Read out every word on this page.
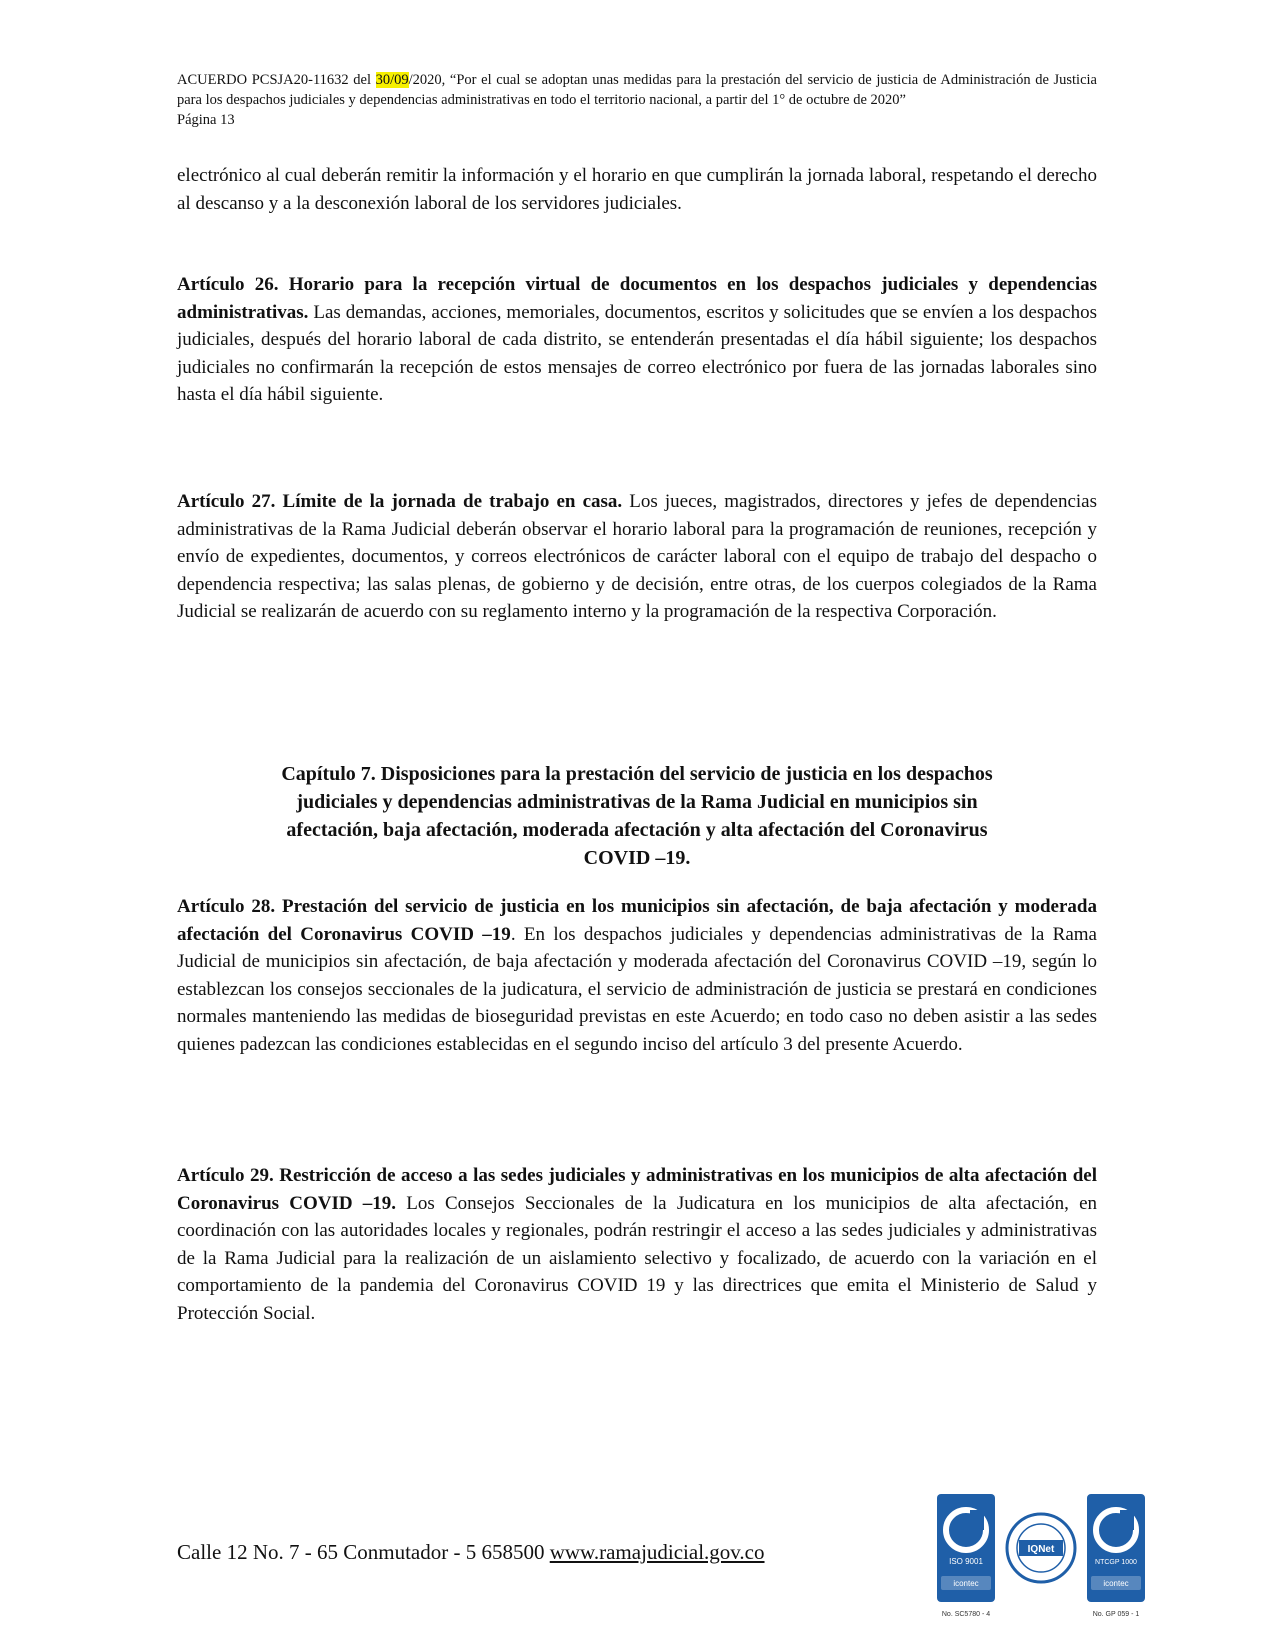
ACUERDO PCSJA20-11632 del 30/09/2020, “Por el cual se adoptan unas medidas para la prestación del servicio de justicia de Administración de Justicia para los despachos judiciales y dependencias administrativas en todo el territorio nacional, a partir del 1° de octubre de 2020”
Página 13
electrónico al cual deberán remitir la información y el horario en que cumplirán la jornada laboral, respetando el derecho al descanso y a la desconexión laboral de los servidores judiciales.
Artículo 26. Horario para la recepción virtual de documentos en los despachos judiciales y dependencias administrativas. Las demandas, acciones, memoriales, documentos, escritos y solicitudes que se envíen a los despachos judiciales, después del horario laboral de cada distrito, se entenderán presentadas el día hábil siguiente; los despachos judiciales no confirmarán la recepción de estos mensajes de correo electrónico por fuera de las jornadas laborales sino hasta el día hábil siguiente.
Artículo 27. Límite de la jornada de trabajo en casa. Los jueces, magistrados, directores y jefes de dependencias administrativas de la Rama Judicial deberán observar el horario laboral para la programación de reuniones, recepción y envío de expedientes, documentos, y correos electrónicos de carácter laboral con el equipo de trabajo del despacho o dependencia respectiva; las salas plenas, de gobierno y de decisión, entre otras, de los cuerpos colegiados de la Rama Judicial se realizarán de acuerdo con su reglamento interno y la programación de la respectiva Corporación.
Capítulo 7. Disposiciones para la prestación del servicio de justicia en los despachos judiciales y dependencias administrativas de la Rama Judicial en municipios sin afectación, baja afectación, moderada afectación y alta afectación del Coronavirus COVID –19.
Artículo 28. Prestación del servicio de justicia en los municipios sin afectación, de baja afectación y moderada afectación del Coronavirus COVID –19. En los despachos judiciales y dependencias administrativas de la Rama Judicial de municipios sin afectación, de baja afectación y moderada afectación del Coronavirus COVID –19, según lo establezcan los consejos seccionales de la judicatura, el servicio de administración de justicia se prestará en condiciones normales manteniendo las medidas de bioseguridad previstas en este Acuerdo; en todo caso no deben asistir a las sedes quienes padezcan las condiciones establecidas en el segundo inciso del artículo 3 del presente Acuerdo.
Artículo 29. Restricción de acceso a las sedes judiciales y administrativas en los municipios de alta afectación del Coronavirus COVID –19. Los Consejos Seccionales de la Judicatura en los municipios de alta afectación, en coordinación con las autoridades locales y regionales, podrán restringir el acceso a las sedes judiciales y administrativas de la Rama Judicial para la realización de un aislamiento selectivo y focalizado, de acuerdo con la variación en el comportamiento de la pandemia del Coronavirus COVID 19 y las directrices que emita el Ministerio de Salud y Protección Social.
Calle 12 No. 7 - 65 Conmutador - 5 658500 www.ramajudicial.gov.co	ISO 9001
icontec
No. SC5780 - 4
IQNet
NTCGP 1000
icontec
No. GP 059 - 1
